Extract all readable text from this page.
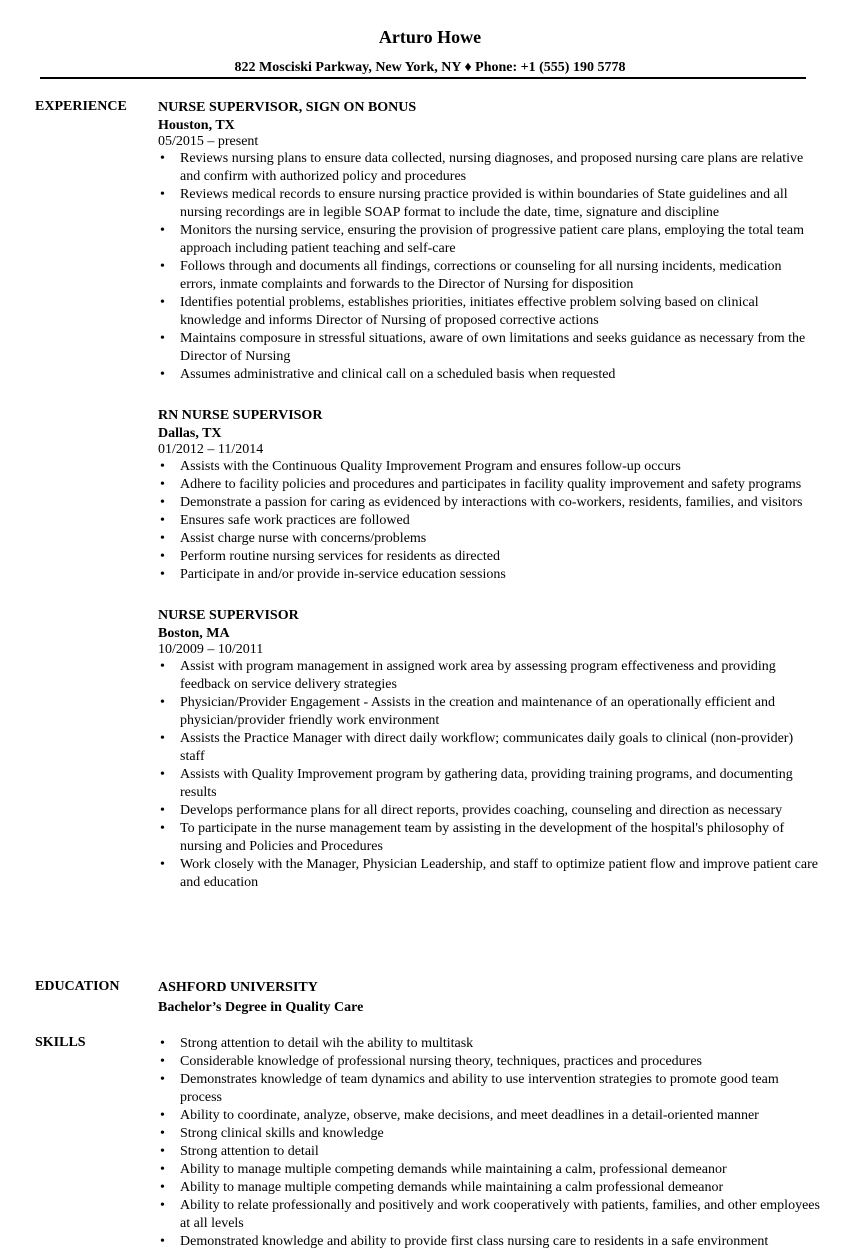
Arturo Howe
822 Mosciski Parkway, New York, NY ♦ Phone: +1 (555) 190 5778
EXPERIENCE	NURSE SUPERVISOR, SIGN ON BONUS
Houston, TX
05/2015 – present
•	Reviews nursing plans to ensure data collected, nursing diagnoses, and proposed nursing care plans are relative and confirm with authorized policy and procedures
•	Reviews medical records to ensure nursing practice provided is within boundaries of State guidelines and all nursing recordings are in legible SOAP format to include the date, time, signature and discipline
•	Monitors the nursing service, ensuring the provision of progressive patient care plans, employing the total team approach including patient teaching and self-care
•	Follows through and documents all findings, corrections or counseling for all nursing incidents, medication errors, inmate complaints and forwards to the Director of Nursing for disposition
•	Identifies potential problems, establishes priorities, initiates effective problem solving based on clinical knowledge and informs Director of Nursing of proposed corrective actions
•	Maintains composure in stressful situations, aware of own limitations and seeks guidance as necessary from the Director of Nursing
•	Assumes administrative and clinical call on a scheduled basis when requested
RN NURSE SUPERVISOR
Dallas, TX
01/2012 – 11/2014
•	Assists with the Continuous Quality Improvement Program and ensures follow-up occurs
•	Adhere to facility policies and procedures and participates in facility quality improvement and safety programs
•	Demonstrate a passion for caring as evidenced by interactions with co-workers, residents, families, and visitors
•	Ensures safe work practices are followed
•	Assist charge nurse with concerns/problems
•	Perform routine nursing services for residents as directed
•	Participate in and/or provide in-service education sessions
NURSE SUPERVISOR
Boston, MA
10/2009 – 10/2011
•	Assist with program management in assigned work area by assessing program effectiveness and providing feedback on service delivery strategies
•	Physician/Provider Engagement - Assists in the creation and maintenance of an operationally efficient and physician/provider friendly work environment
•	Assists the Practice Manager with direct daily workflow; communicates daily goals to clinical (non-provider) staff
•	Assists with Quality Improvement program by gathering data, providing training programs, and documenting results
•	Develops performance plans for all direct reports, provides coaching, counseling and direction as necessary
•	To participate in the nurse management team by assisting in the development of the hospital's philosophy of nursing and Policies and Procedures
•	Work closely with the Manager, Physician Leadership, and staff to optimize patient flow and improve patient care and education
EDUCATION	ASHFORD UNIVERSITY
Bachelor’s Degree in Quality Care
SKILLS	•	Strong attention to detail wih the ability to multitask
•	Considerable knowledge of professional nursing theory, techniques, practices and procedures
•	Demonstrates knowledge of team dynamics and ability to use intervention strategies to promote good team process
•	Ability to coordinate, analyze, observe, make decisions, and meet deadlines in a detail-oriented manner
•	Strong clinical skills and knowledge
•	Strong attention to detail
•	Ability to manage multiple competing demands while maintaining a calm, professional demeanor
•	Ability to manage multiple competing demands while maintaining a calm professional demeanor
•	Ability to relate professionally and positively and work cooperatively with patients, families, and other employees at all levels
•	Demonstrated knowledge and ability to provide first class nursing care to residents in a safe environment
